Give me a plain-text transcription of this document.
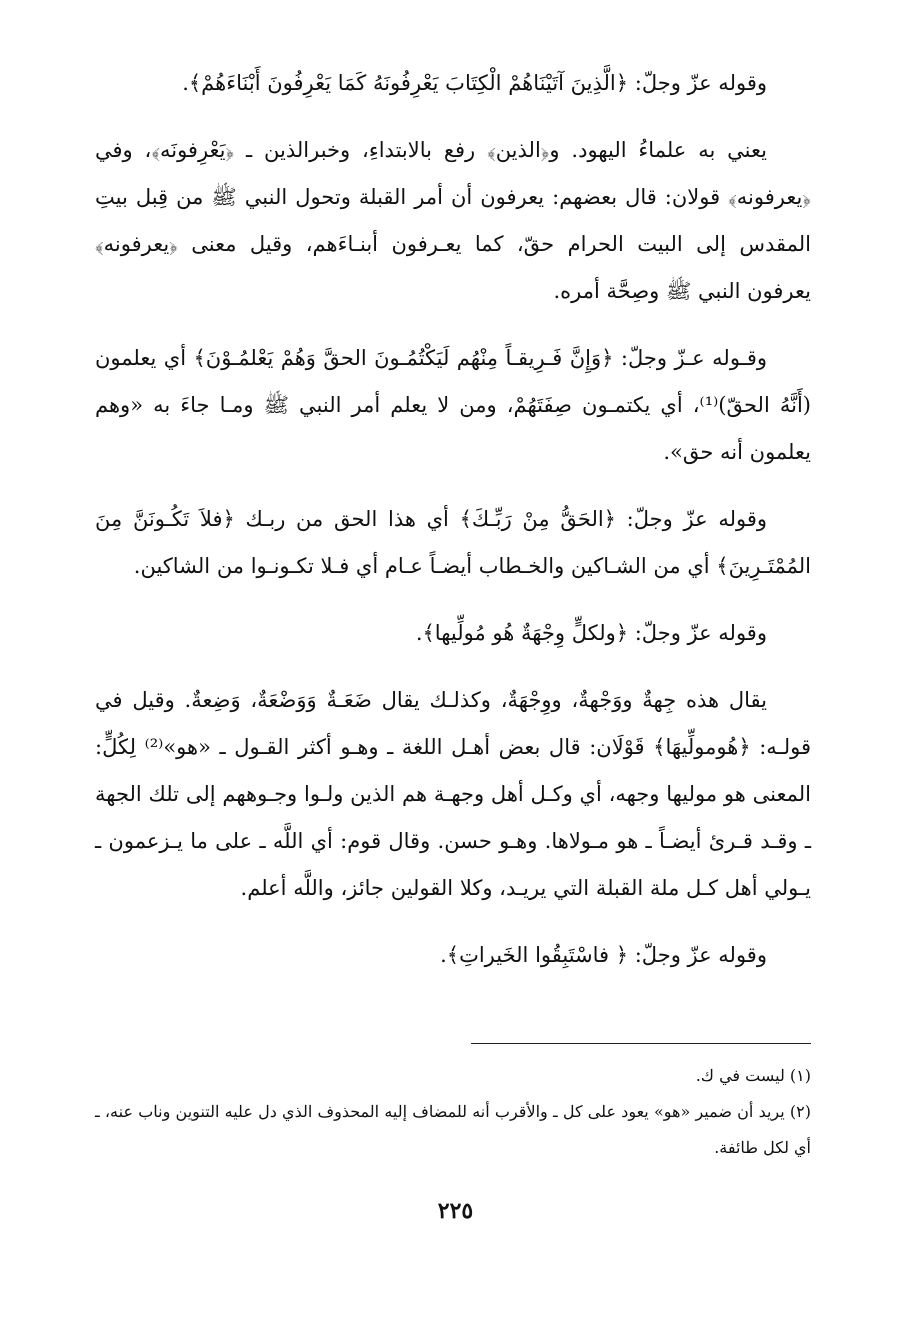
وقوله عزّ وجلّ: ﴿الَّذِينَ آتَيْنَاهُمْ الْكِتَابَ يَعْرِفُونَهُ كَمَا يَعْرِفُونَ أَبْنَاءَهُمْ﴾.

يعني به علماءُ اليهود. و﴿الذين﴾ رفع بالابتداءِ، وخبرالذين ـ ﴿يَعْرِفونَه﴾، وفي ﴿يعرفونه﴾ قولان: قال بعضهم: يعرفون أن أمر القبلة وتحول النبي ﷺ من قِبل بيتِ المقدس إلى البيت الحرام حقّ، كما يعـرفون أبنـاءَهم، وقيل معنى ﴿يعرفونه﴾ يعرفون النبي ﷺ وصِحَّة أمره.

وقـوله عـزّ وجلّ: ﴿وَإِنَّ فَـرِيقـاً مِنْهُم لَيَكْتُمُـونَ الحقَّ وَهُمْ يَعْلمُـوْنَ﴾ أي يعلمون (أَنَّهُ الحقّ)⁽¹⁾، أي يكتمـون صِفَتَهُمْ، ومن لا يعلم أمر النبي ﷺ ومـا جاءَ به «وهم يعلمون أنه حق».

وقوله عزّ وجلّ: ﴿الحَقُّ مِنْ رَبِّـكَ﴾ أي هذا الحق من ربـك ﴿فلاَ تَكُـونَنَّ مِنَ المُمْتَـرِينَ﴾ أي من الشـاكين والخـطاب أيضـاً عـام أي فـلا تكـونـوا من الشاكين.

وقوله عزّ وجلّ: ﴿ولكلٍّ وِجْهَةٌ هُو مُولِّيها﴾.

يقال هذه جِهةٌ ووَجْهةٌ، ووِجْهَةٌ، وكذلـك يقال ضَعَـةٌ وَوَضْعَةٌ، وَضِعةٌ. وقيل في قولـه: ﴿هُومولِّيهَا﴾ قَوْلَان: قال بعض أهـل اللغة ـ وهـو أكثر القـول ـ «هو»⁽²⁾ لِكُلٍّ: المعنى هو موليها وجهه، أي وكـل أهل وجهـة هم الذين ولـوا وجـوههم إلى تلك الجهة ـ وقـد قـرئ أيضـاً ـ هو مـولاها. وهـو حسن. وقال قوم: أي اللَّه ـ على ما يـزعمون ـ يـولي أهل كـل ملة القبلة التي يريـد، وكلا القولين جائز، واللَّه أعلم.

وقوله عزّ وجلّ: ﴿ فاسْتَبِقُوا الخَيراتِ﴾.

(١) ليست في ك.

(٢) يريد أن ضمير «هو» يعود على كل ـ والأقرب أنه للمضاف إليه المحذوف الذي دل عليه التنوين وناب عنه، ـ أي لكل طائفة.

٢٢٥
